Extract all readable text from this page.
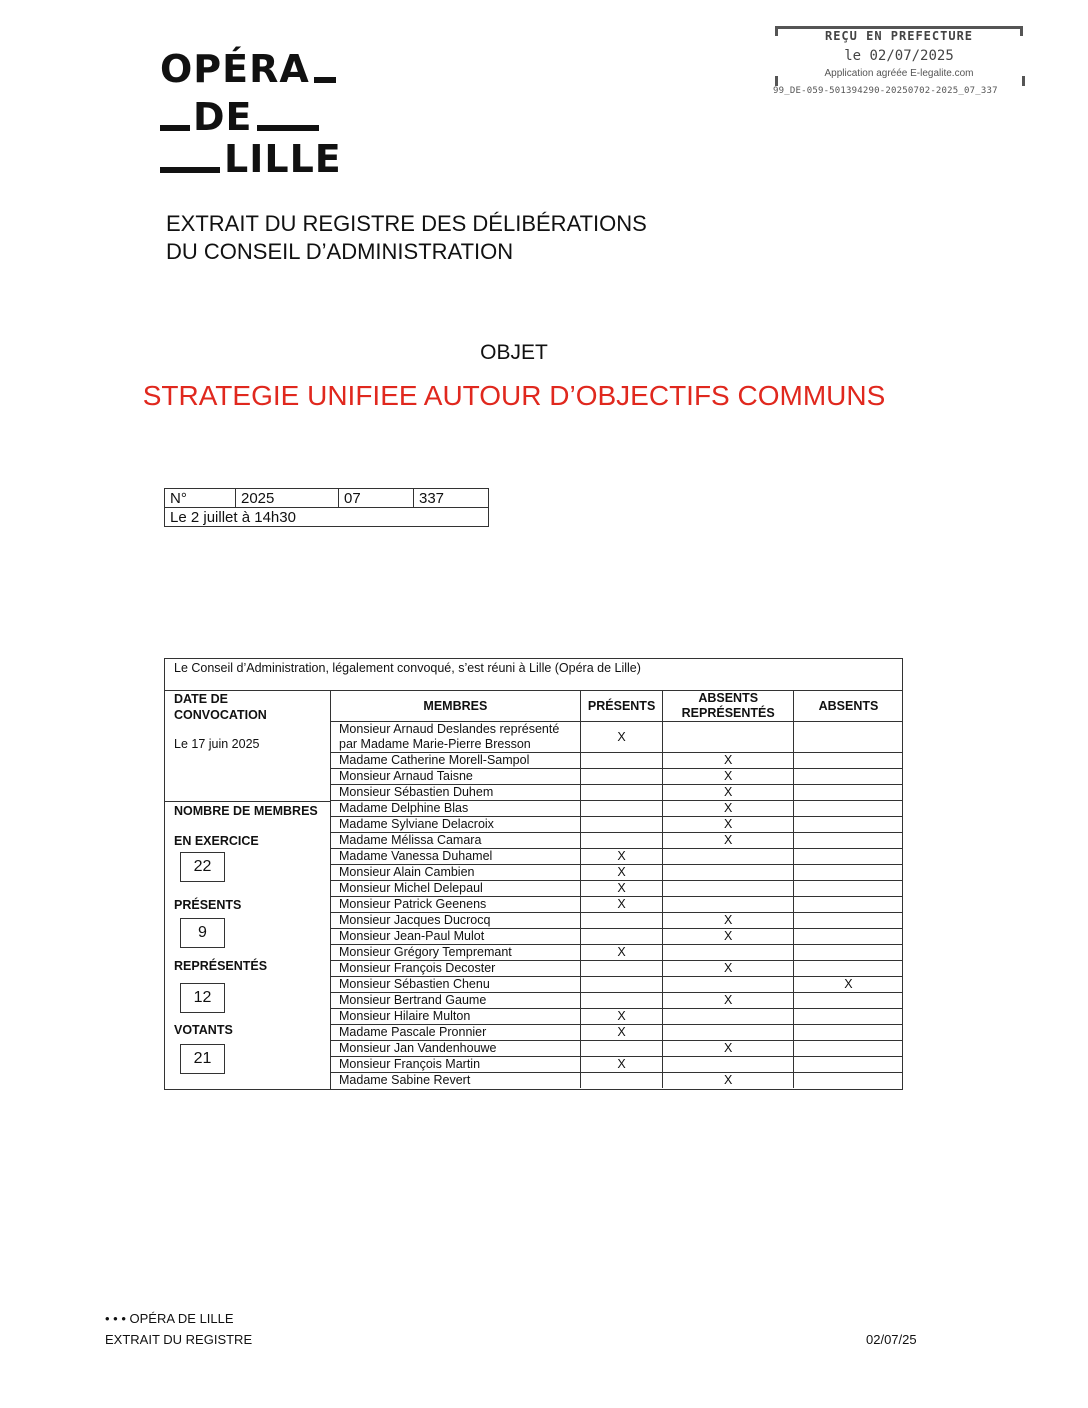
OPÉRA
DE
LILLE
REÇU EN PREFECTURE
le 02/07/2025
Application agréée E-legalite.com
99_DE-059-501394290-20250702-2025_07_337
EXTRAIT DU REGISTRE DES DÉLIBÉRATIONS
DU CONSEIL D’ADMINISTRATION
OBJET
STRATEGIE UNIFIEE AUTOUR D’OBJECTIFS COMMUNS
N°	2025	07	337
Le 2 juillet à 14h30
Le Conseil d’Administration, légalement convoqué, s’est réuni à Lille (Opéra de Lille)
DATE DE CONVOCATION
Le 17 juin 2025
NOMBRE DE MEMBRES
EN EXERCICE
22
PRÉSENTS
9
REPRÉSENTÉS
12
VOTANTS
21
MEMBRES	PRÉSENTS	ABSENTS REPRÉSENTÉS	ABSENTS
Monsieur Arnaud Deslandes représenté par Madame Marie-Pierre Bresson	X		
Madame Catherine Morell-Sampol		X	
Monsieur Arnaud Taisne		X	
Monsieur Sébastien Duhem		X	
Madame Delphine Blas		X	
Madame Sylviane Delacroix		X	
Madame Mélissa Camara		X	
Madame Vanessa Duhamel	X		
Monsieur Alain Cambien	X		
Monsieur Michel Delepaul	X		
Monsieur Patrick Geenens	X		
Monsieur Jacques Ducrocq		X	
Monsieur Jean-Paul Mulot		X	
Monsieur Grégory Tempremant	X		
Monsieur François Decoster		X	
Monsieur Sébastien Chenu			X
Monsieur Bertrand Gaume		X	
Monsieur Hilaire Multon	X		
Madame Pascale Pronnier	X		
Monsieur Jan Vandenhouwe		X	
Monsieur François Martin	X		
Madame Sabine Revert		X	
• • • OPÉRA DE LILLE
EXTRAIT DU REGISTRE	02/07/25
